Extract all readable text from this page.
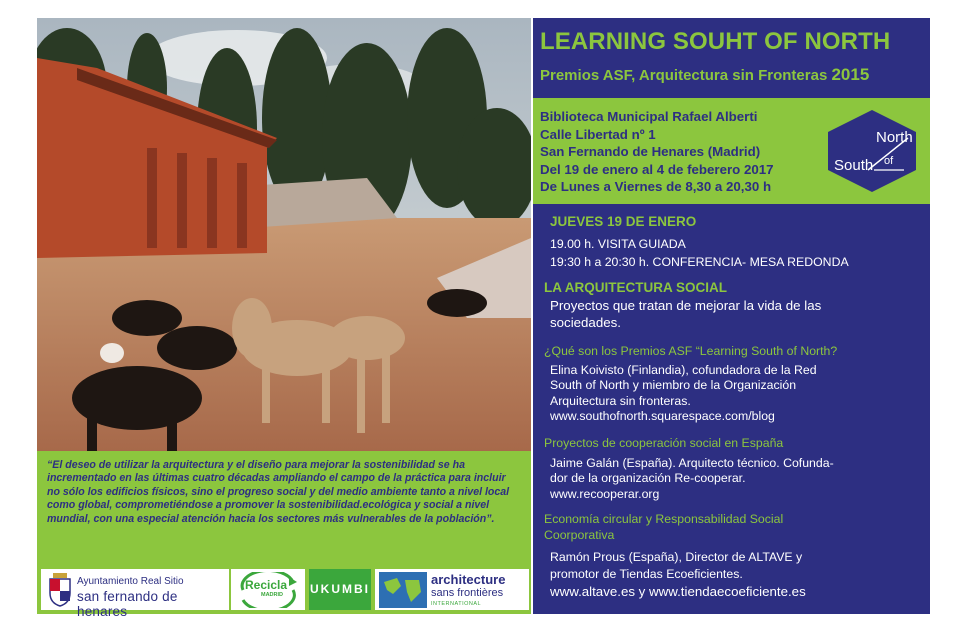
“El deseo de utilizar la arquitectura y el diseño para mejorar la sostenibilidad se ha incrementado en las últimas cuatro décadas ampliando el campo de la práctica para incluir no sólo los edificios físicos, sino el progreso social y del medio ambiente tanto a nivel local como global, comprometiéndose a promover la sostenibilidad.ecológica y social a nivel mundial, con una especial atención hacia los sectores más vulnerables de la población”.

Ayuntamiento Real Sitio
san fernando de henares
Recicla
MADRID UKUMBI
architecture
sans frontières
INTERNATIONAL
LEARNING SOUHT OF NORTH
Premios ASF, Arquitectura sin Fronteras 2015
Biblioteca Municipal Rafael Alberti
Calle Libertad nº 1
San Fernando de Henares (Madrid)
Del 19 de enero al 4 de feberero 2017
De Lunes a Viernes de 8,30 a 20,30 h
North
South of
JUEVES 19 DE ENERO
19.00 h. VISITA GUIADA
19:30 h a 20:30 h. CONFERENCIA- MESA REDONDA
LA ARQUITECTURA SOCIAL
Proyectos que tratan de mejorar la vida de las
sociedades.
¿Qué son los Premios ASF “Learning South of North?
Elina Koivisto (Finlandia), cofundadora de la Red
South of North y miembro de la Organización
Arquitectura sin fronteras.
www.southofnorth.squarespace.com/blog
Proyectos de cooperación social en España
Jaime Galán (España). Arquitecto técnico. Cofunda-
dor de la organización Re-cooperar.
www.recooperar.org
Economía circular y Responsabilidad Social
Coorporativa
Ramón Prous (España), Director de ALTAVE y
promotor de Tiendas Ecoeficientes.
www.altave.es y www.tiendaecoeficiente.es
